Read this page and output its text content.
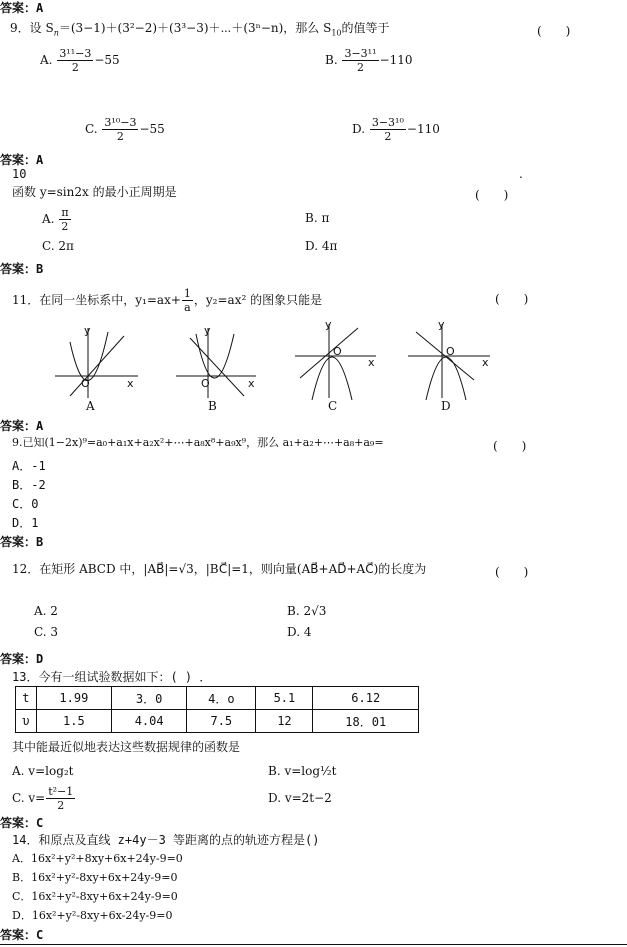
答案：A
9．设 $S_n=(3-1)+(3^2-2)+(3^3-3)+\cdots+(3^n-n)$，那么 $S_{10}$的值等于	(　　)
A. $\frac{\text{3¹¹−3}}{2} -55$	B. $\frac{\text{3−3¹¹}}{2} -110$
C. $\frac{\text{3¹⁰−3}}{2} -55$	D. $\frac{\text{3−3¹⁰}}{2} -110$
答案：A
10	.
函数 y=sin2x 的最小正周期是	(　　)
A. $\frac{\pi}{2}$	B. π
C. 2π	D. 4π
答案：B
11．在同一坐标系中，$y_1=ax+ \frac{1}{a}$ ，y₂=ax² 的图象只能是	(　　)
y
x
O
y
x
O
y
x
O
y
x
O
A	B	C	D
答案：A
9.已知(1−2x)⁹=a₀+a₁x+a₂x²+⋯+a₈x⁸+a₉x⁹，那么 a₁+a₂+⋯+a₈+a₉=	(　　)
A．-1
B．-2
C．0
D．1
答案：B
12．在矩形 ABCD 中，|AB⃗|=√3，|BC⃗|=1，则向量(AB⃗+AD⃗+AC⃗)的长度为	(　　)
A. 2	B. 2√3
C. 3	D. 4
答案：D
13．今有一组试验数据如下：( ) ．
t	1.99	3．0	4．o	5.1	6.12
υ	1.5	4.04	7.5	12	18．01
其中能最近似地表达这些数据规律的函数是
A. v=log₂t	B. v=log½t
C. $v= \frac{\text{t²−1}}{2}$	D. v=2t−2
答案：C
14．和原点及直线 z+4y－3 等距离的点的轨迹方程是()
A．16x²+y²+8xy+6x+24y-9=0
B．16x²+y²-8xy+6x+24y-9=0
C．16x²+y²-8xy+6x+24y-9=0
D．16x²+y²-8xy+6x-24y-9=0
答案：C
